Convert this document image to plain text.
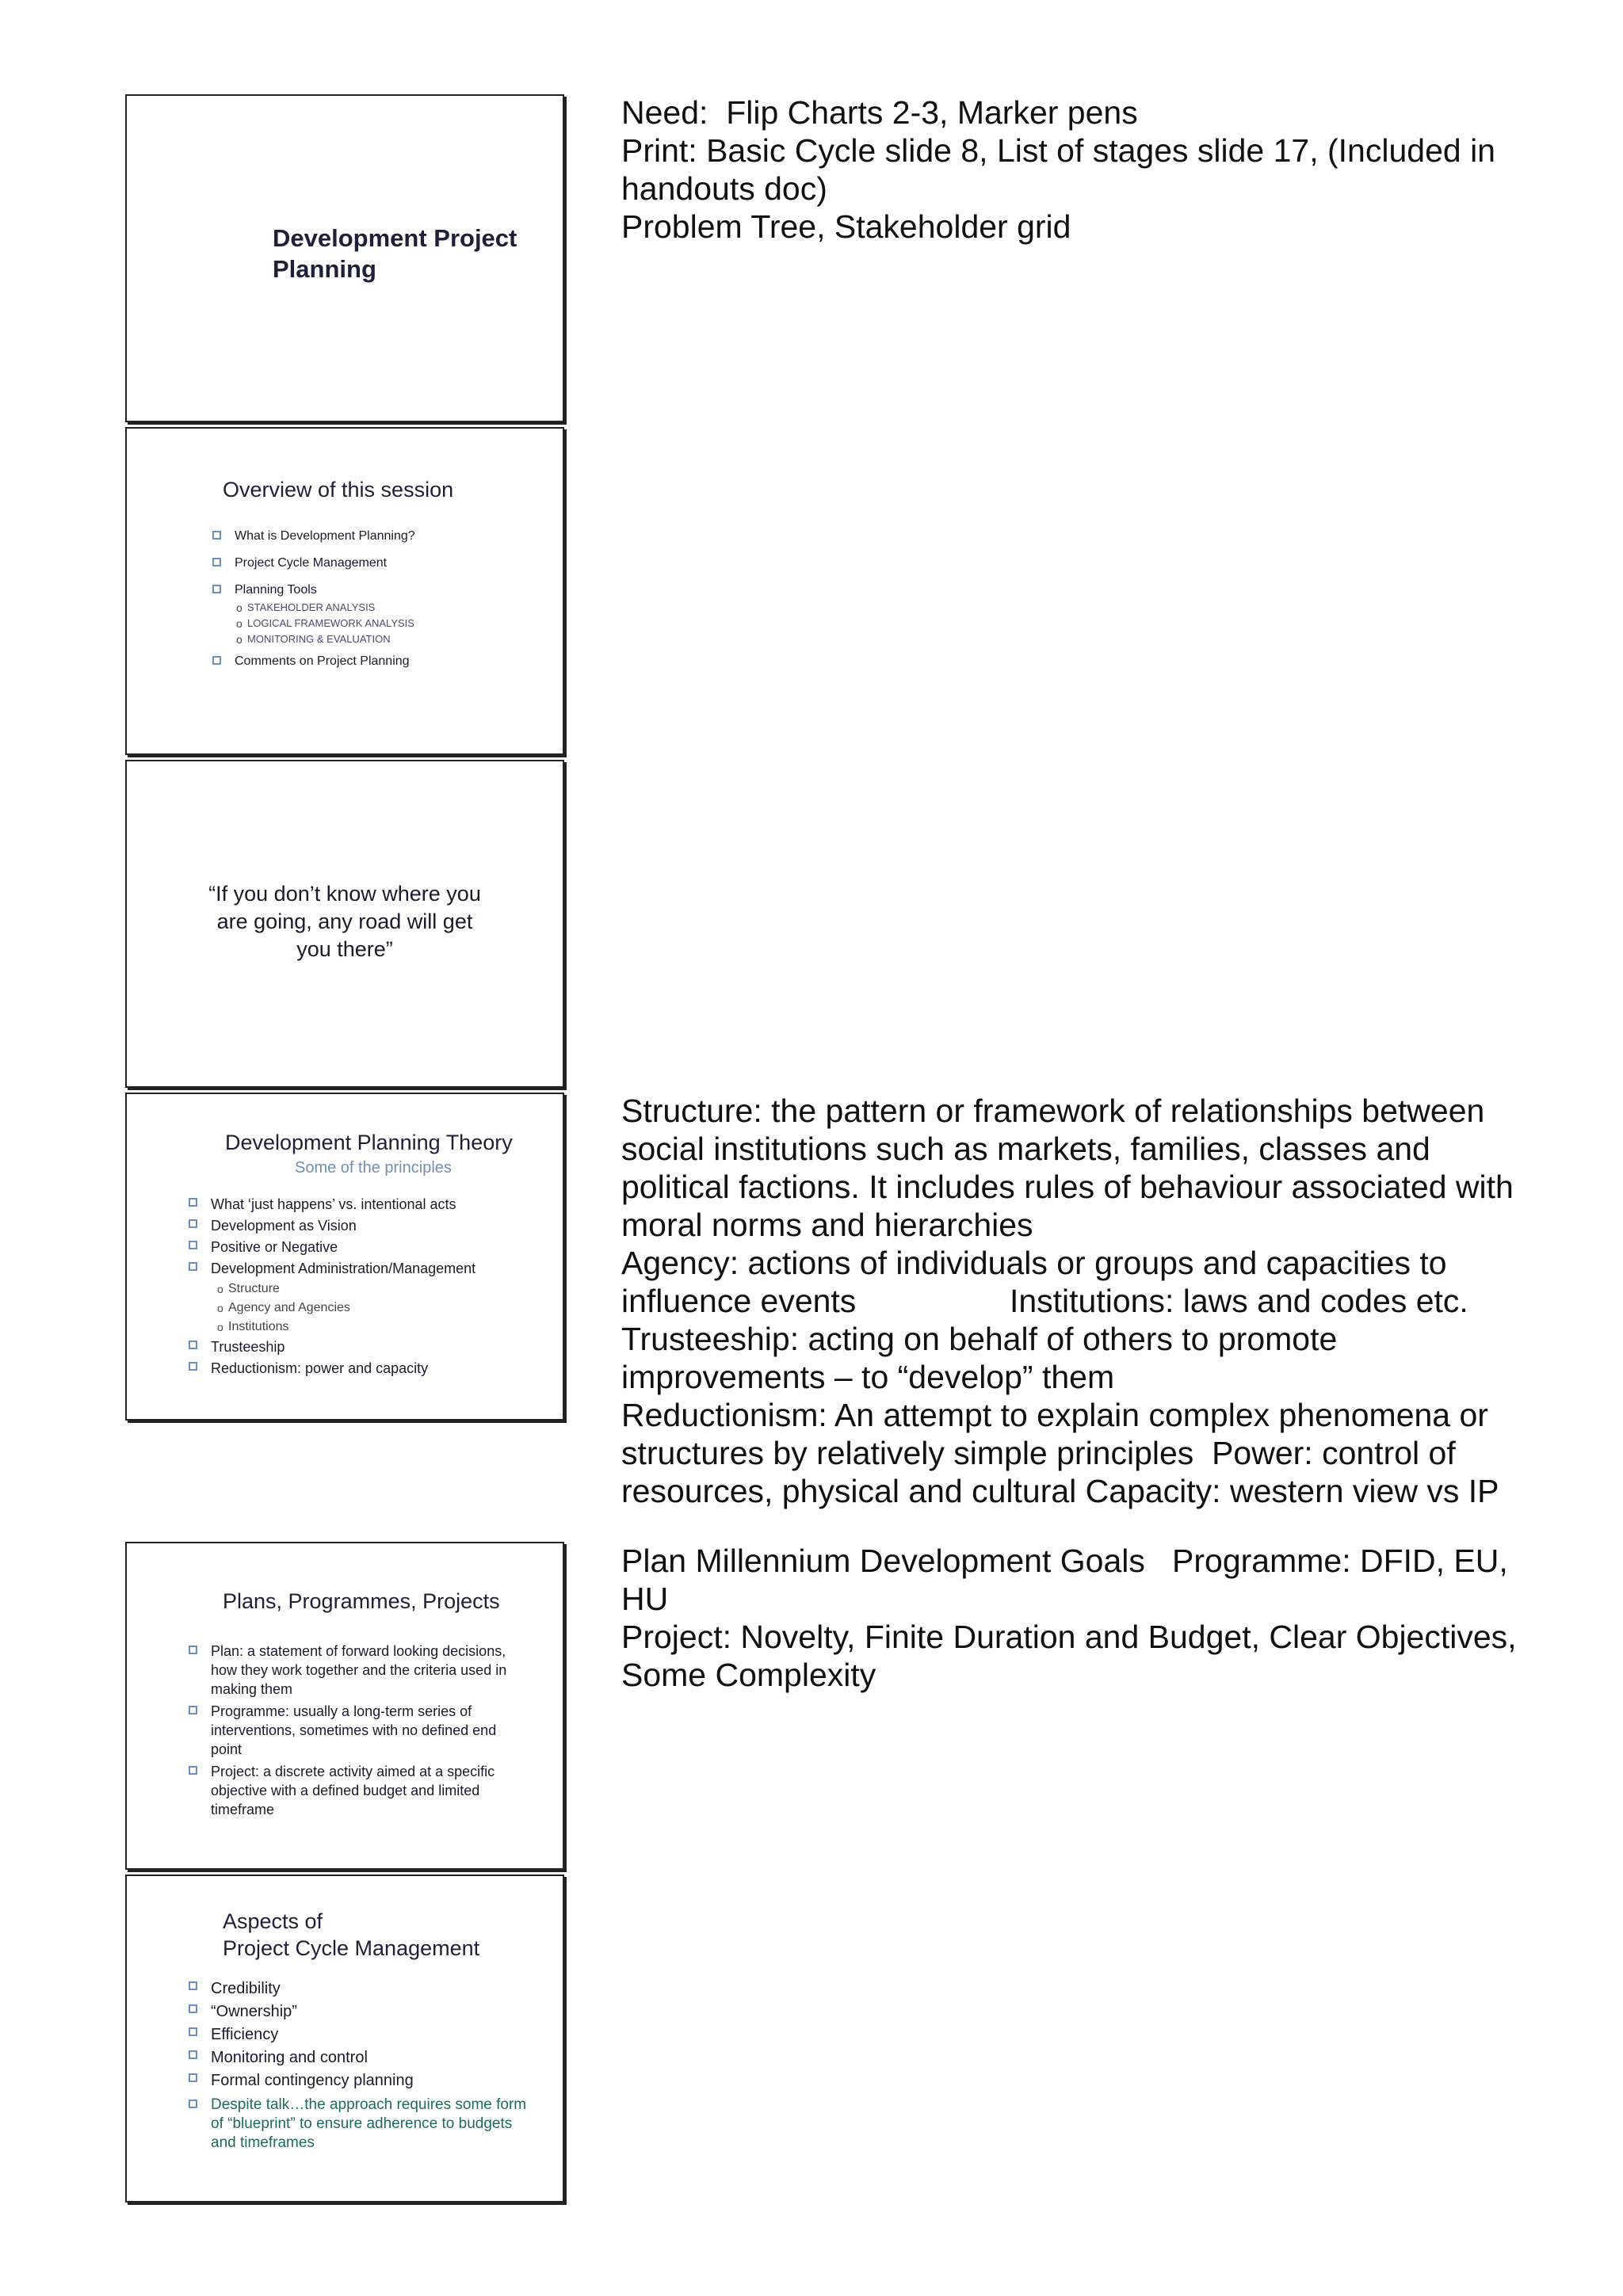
Development Project Planning
Overview of this session
What is Development Planning?
Project Cycle Management
Planning Tools
o STAKEHOLDER ANALYSIS
o LOGICAL FRAMEWORK ANALYSIS
o MONITORING & EVALUATION
Comments on Project Planning
“If you don’t know where you are going, any road will get you there”
Development Planning Theory
Some of the principles
What ‘just happens’ vs. intentional acts
Development as Vision
Positive or Negative
Development Administration/Management
o Structure
o Agency and Agencies
o Institutions
Trusteeship
Reductionism: power and capacity
Plans, Programmes, Projects
Plan: a statement of forward looking decisions, how they work together and the criteria used in making them
Programme: usually a long-term series of interventions, sometimes with no defined end point
Project: a discrete activity aimed at a specific objective with a defined budget and limited timeframe
Aspects of
Project Cycle Management
Credibility
“Ownership”
Efficiency
Monitoring and control
Formal contingency planning
Despite talk…the approach requires some form of “blueprint” to ensure adherence to budgets and timeframes
Need:  Flip Charts 2-3, Marker pens
Print: Basic Cycle slide 8, List of stages slide 17, (Included in handouts doc)
Problem Tree, Stakeholder grid
Structure: the pattern or framework of relationships between social institutions such as markets, families, classes and political factions. It includes rules of behaviour associated with moral norms and hierarchies
Agency: actions of individuals or groups and capacities to influence events                 Institutions: laws and codes etc.
Trusteeship: acting on behalf of others to promote improvements – to “develop” them
Reductionism: An attempt to explain complex phenomena or structures by relatively simple principles  Power: control of resources, physical and cultural Capacity: western view vs IP
Plan Millennium Development Goals   Programme: DFID, EU, HU
Project: Novelty, Finite Duration and Budget, Clear Objectives, Some Complexity
